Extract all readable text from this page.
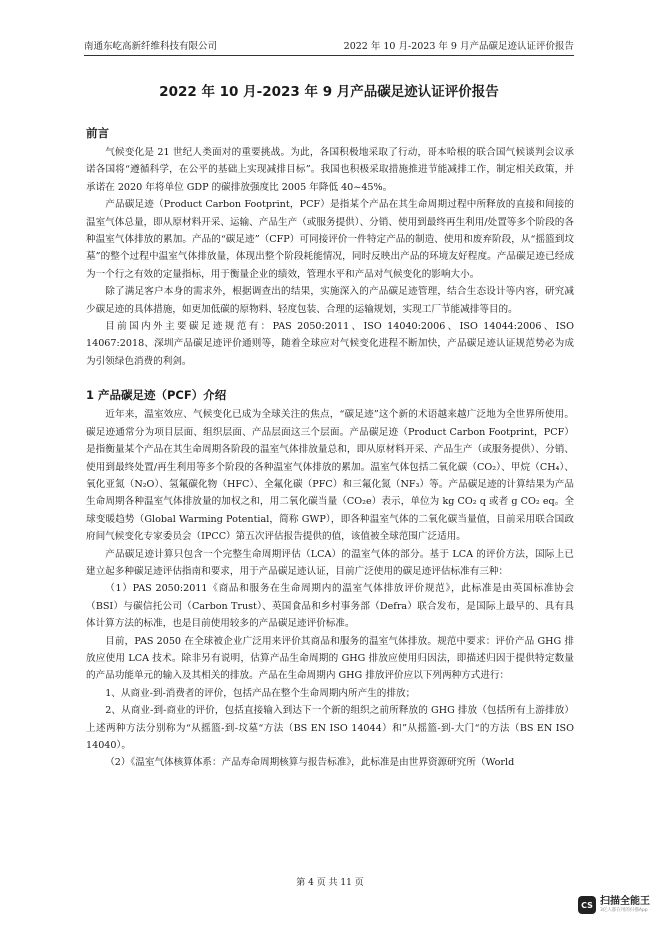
南通东屹高新纤维科技有限公司	2022 年 10 月-2023 年 9 月产品碳足迹认证评价报告
2022 年 10 月-2023 年 9 月产品碳足迹认证评价报告
前言

气候变化是 21 世纪人类面对的重要挑战。为此，各国积极地采取了行动，哥本哈根的联合国气候谈判会议承诺各国将“遵循科学，在公平的基础上实现减排目标”。我国也积极采取措施推进节能减排工作，制定相关政策，并承诺在 2020 年将单位 GDP 的碳排放强度比 2005 年降低 40~45%。

产品碳足迹（Product Carbon Footprint，PCF）是指某个产品在其生命周期过程中所释放的直接和间接的温室气体总量，即从原材料开采、运输、产品生产（或服务提供）、分销、使用到最终再生利用/处置等多个阶段的各种温室气体排放的累加。产品的“碳足迹”（CFP）可同接评价一件特定产品的制造、使用和废弃阶段，从“摇篮到坟墓”的整个过程中温室气体排放量，体现出整个阶段耗能情况，同时反映出产品的环境友好程度。产品碳足迹已经成为一个行之有效的定量指标，用于衡量企业的绩效，管理水平和产品对气候变化的影响大小。

除了满足客户本身的需求外，根据调查出的结果，实施深入的产品碳足迹管理，结合生态设计等内容，研究减少碳足迹的具体措施，如更加低碳的原物料、轻度包装、合理的运输规划，实现工厂节能减排等目的。

目前国内外主要碳足迹规范有：PAS 2050:2011、ISO 14040:2006、ISO 14044:2006、ISO 14067:2018、深圳产品碳足迹评价通则等，随着全球应对气候变化进程不断加快，产品碳足迹认证规范势必为成为引领绿色消费的利剑。

1 产品碳足迹（PCF）介绍

近年来，温室效应、气候变化已成为全球关注的焦点，“碳足迹”这个新的术语越来越广泛地为全世界所使用。碳足迹通常分为项目层面、组织层面、产品层面这三个层面。产品碳足迹（Product Carbon Footprint，PCF）是指衡量某个产品在其生命周期各阶段的温室气体排放量总和，即从原材料开采、产品生产（或服务提供）、分销、使用到最终处置/再生利用等多个阶段的各种温室气体排放的累加。温室气体包括二氧化碳（CO₂）、甲烷（CH₄）、氧化亚氮（N₂O）、氢氟碳化物（HFC）、全氟化碳（PFC）和三氟化氮（NF₃）等。产品碳足迹的计算结果为产品生命周期各种温室气体排放量的加权之和，用二氧化碳当量（CO₂e）表示，单位为 kg CO₂ q 或者 g CO₂ eq。全球变暖趋势（Global Warming Potential，简称 GWP），即各种温室气体的二氧化碳当量值，目前采用联合国政府间气候变化专家委员会（IPCC）第五次评估报告提供的值，该值被全球范围广泛适用。

产品碳足迹计算只包含一个完整生命周期评估（LCA）的温室气体的部分。基于 LCA 的评价方法，国际上已建立起多种碳足迹评估指南和要求，用于产品碳足迹认证，目前广泛使用的碳足迹评估标准有三种：

（1）PAS 2050:2011《商品和服务在生命周期内的温室气体排放评价规范》，此标准是由英国标准协会（BSI）与碳信托公司（Carbon Trust）、英国食品和乡村事务部（Defra）联合发布，是国际上最早的、具有具体计算方法的标准，也是目前使用较多的产品碳足迹评价标准。

目前，PAS 2050 在全球被企业广泛用来评价其商品和服务的温室气体排放。规范中要求：评价产品 GHG 排放应使用 LCA 技术。除非另有说明，估算产品生命周期的 GHG 排放应使用归因法，即描述归因于提供特定数量的产品功能单元的输入及其相关的排放。产品在生命周期内 GHG 排放评价应以下列两种方式进行：

1、从商业-到-消费者的评价，包括产品在整个生命周期内所产生的排放；

2、从商业-到-商业的评价，包括直接输入到达下一个新的组织之前所释放的 GHG 排放（包括所有上游排放）上述两种方法分别称为“从摇篮-到-坟墓“方法（BS EN ISO 14044）和”从摇篮-到-大门“的方法（BS EN ISO 14040）。

（2）《温室气体核算体系：产品寿命周期核算与报告标准》，此标准是由世界资源研究所（World

第 4 页 共 11 页
CS 扫描全能王
3亿人都在用的扫描App
